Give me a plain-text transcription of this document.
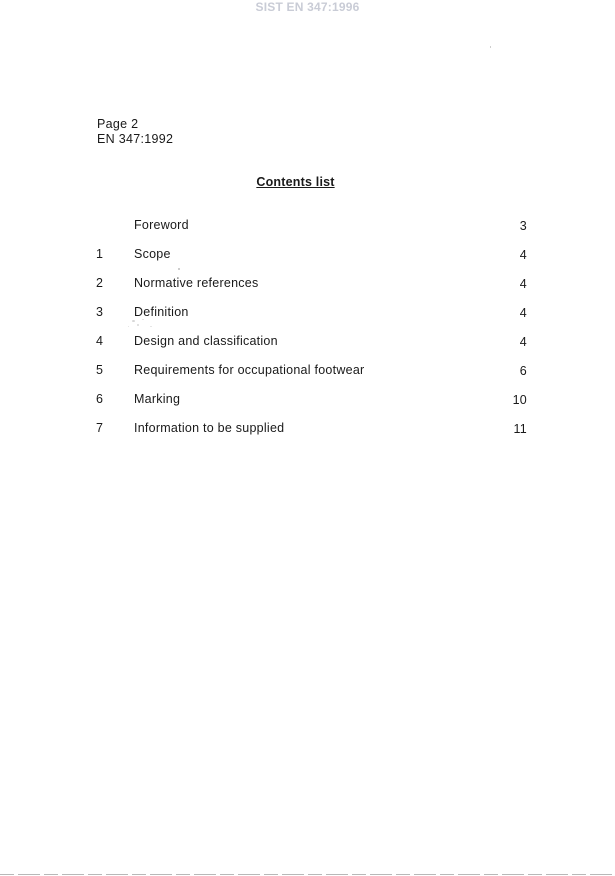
SIST EN 347:1996
Page 2
EN 347:1992
Contents list
Foreword	3
1 Scope	4
2 Normative references	4
3 Definition	4
4 Design and classification	4
5 Requirements for occupational footwear	6
6 Marking	10
7 Information to be supplied	11
